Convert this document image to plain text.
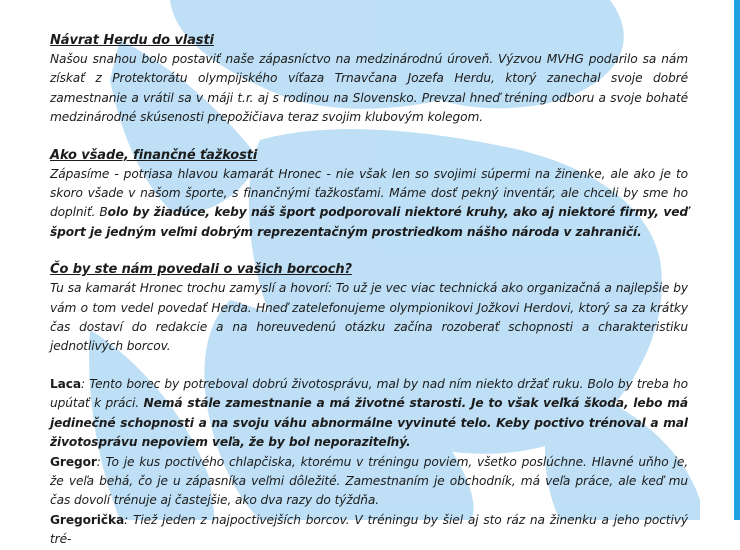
Návrat Herdu do vlasti

Našou snahou bolo postaviť naše zápasníctvo na medzinárodnú úroveň. Výzvou MVHG podarilo sa nám získať z Protektorátu olympijského víťaza Trnavčana Jozefa Herdu, ktorý zanechal svoje dobré zamestnanie a vrátil sa v máji t.r. aj s rodinou na Slovensko. Prevzal hneď tréning odboru a svoje bohaté medzinárodné skúsenosti prepožičiava teraz svojim klubovým kolegom.

Ako všade, finančné ťažkosti

Zápasíme - potriasa hlavou kamarát Hronec - nie však len so svojimi súpermi na žinenke, ale ako je to skoro všade v našom športe, s finančnými ťažkosťami. Máme dosť pekný inventár, ale chceli by sme ho doplniť. Bolo by žiadúce, keby náš šport podporovali niektoré kruhy, ako aj niektoré firmy, veď šport je jedným veľmi dobrým reprezentačným prostriedkom nášho národa v zahraničí.

Čo by ste nám povedali o vašich borcoch?

Tu sa kamarát Hronec trochu zamyslí a hovorí: To už je vec viac technická ako organizačná a najlepšie by vám o tom vedel povedať Herda. Hneď zatelefonujeme olympionikovi Jožkovi Herdovi, ktorý sa za krátky čas dostaví do redakcie a na horeuvedenú otázku začína rozoberať schopnosti a charakteristiku jednotlivých borcov.

Laca: Tento borec by potreboval dobrú životosprávu, mal by nad ním niekto držať ruku. Bolo by treba ho upútať k práci. Nemá stále zamestnanie a má životné starosti. Je to však veľká škoda, lebo má jedinečné schopnosti a na svoju váhu abnormálne vyvinuté telo. Keby poctivo trénoval a mal životosprávu nepoviem veľa, že by bol neporaziteľný.

Gregor: To je kus poctivého chlapčiska, ktorému v tréningu poviem, všetko poslúchne. Hlavné uňho je, že veľa behá, čo je u zápasníka veľmi dôležité. Zamestnaním je obchodník, má veľa práce, ale keď mu čas dovolí trénuje aj častejšie, ako dva razy do týždňa.

Gregorička: Tiež jeden z najpoctivejších borcov. V tréningu by šiel aj sto ráz na žinenku a jeho poctivý tré-
